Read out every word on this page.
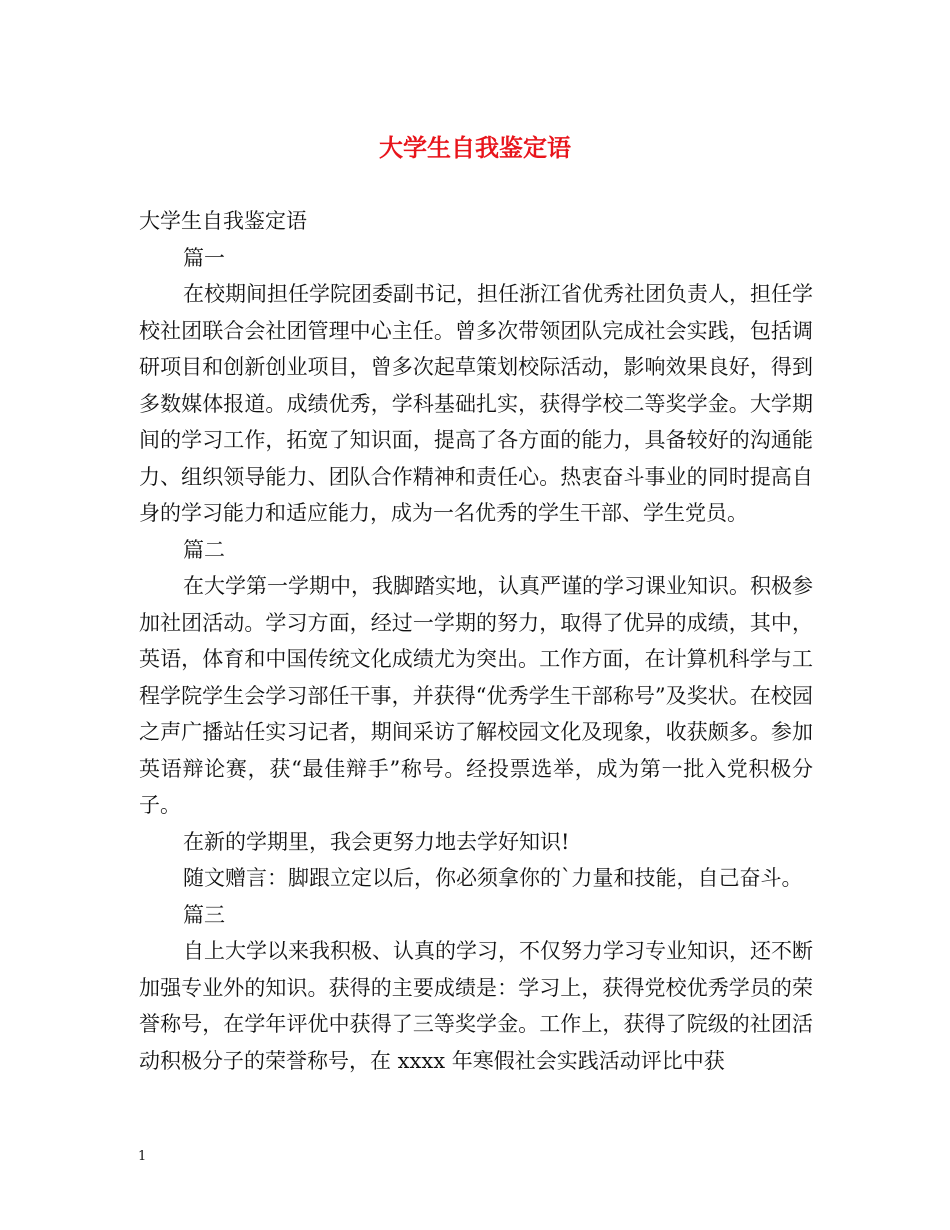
大学生自我鉴定语

大学生自我鉴定语

篇一

在校期间担任学院团委副书记，担任浙江省优秀社团负责人，担任学校社团联合会社团管理中心主任。曾多次带领团队完成社会实践，包括调研项目和创新创业项目，曾多次起草策划校际活动，影响效果良好，得到多数媒体报道。成绩优秀，学科基础扎实，获得学校二等奖学金。大学期间的学习工作，拓宽了知识面，提高了各方面的能力，具备较好的沟通能力、组织领导能力、团队合作精神和责任心。热衷奋斗事业的同时提高自身的学习能力和适应能力，成为一名优秀的学生干部、学生党员。

篇二

在大学第一学期中，我脚踏实地，认真严谨的学习课业知识。积极参加社团活动。学习方面，经过一学期的努力，取得了优异的成绩，其中，英语，体育和中国传统文化成绩尤为突出。工作方面，在计算机科学与工程学院学生会学习部任干事，并获得“优秀学生干部称号”及奖状。在校园之声广播站任实习记者，期间采访了解校园文化及现象，收获颇多。参加英语辩论赛，获“最佳辩手”称号。经投票选举，成为第一批入党积极分子。

在新的学期里，我会更努力地去学好知识!

随文赠言：脚跟立定以后，你必须拿你的`力量和技能，自己奋斗。

篇三

自上大学以来我积极、认真的学习，不仅努力学习专业知识，还不断加强专业外的知识。获得的主要成绩是：学习上，获得党校优秀学员的荣誉称号，在学年评优中获得了三等奖学金。工作上，获得了院级的社团活动积极分子的荣誉称号，在 xxxx 年寒假社会实践活动评比中获

1
